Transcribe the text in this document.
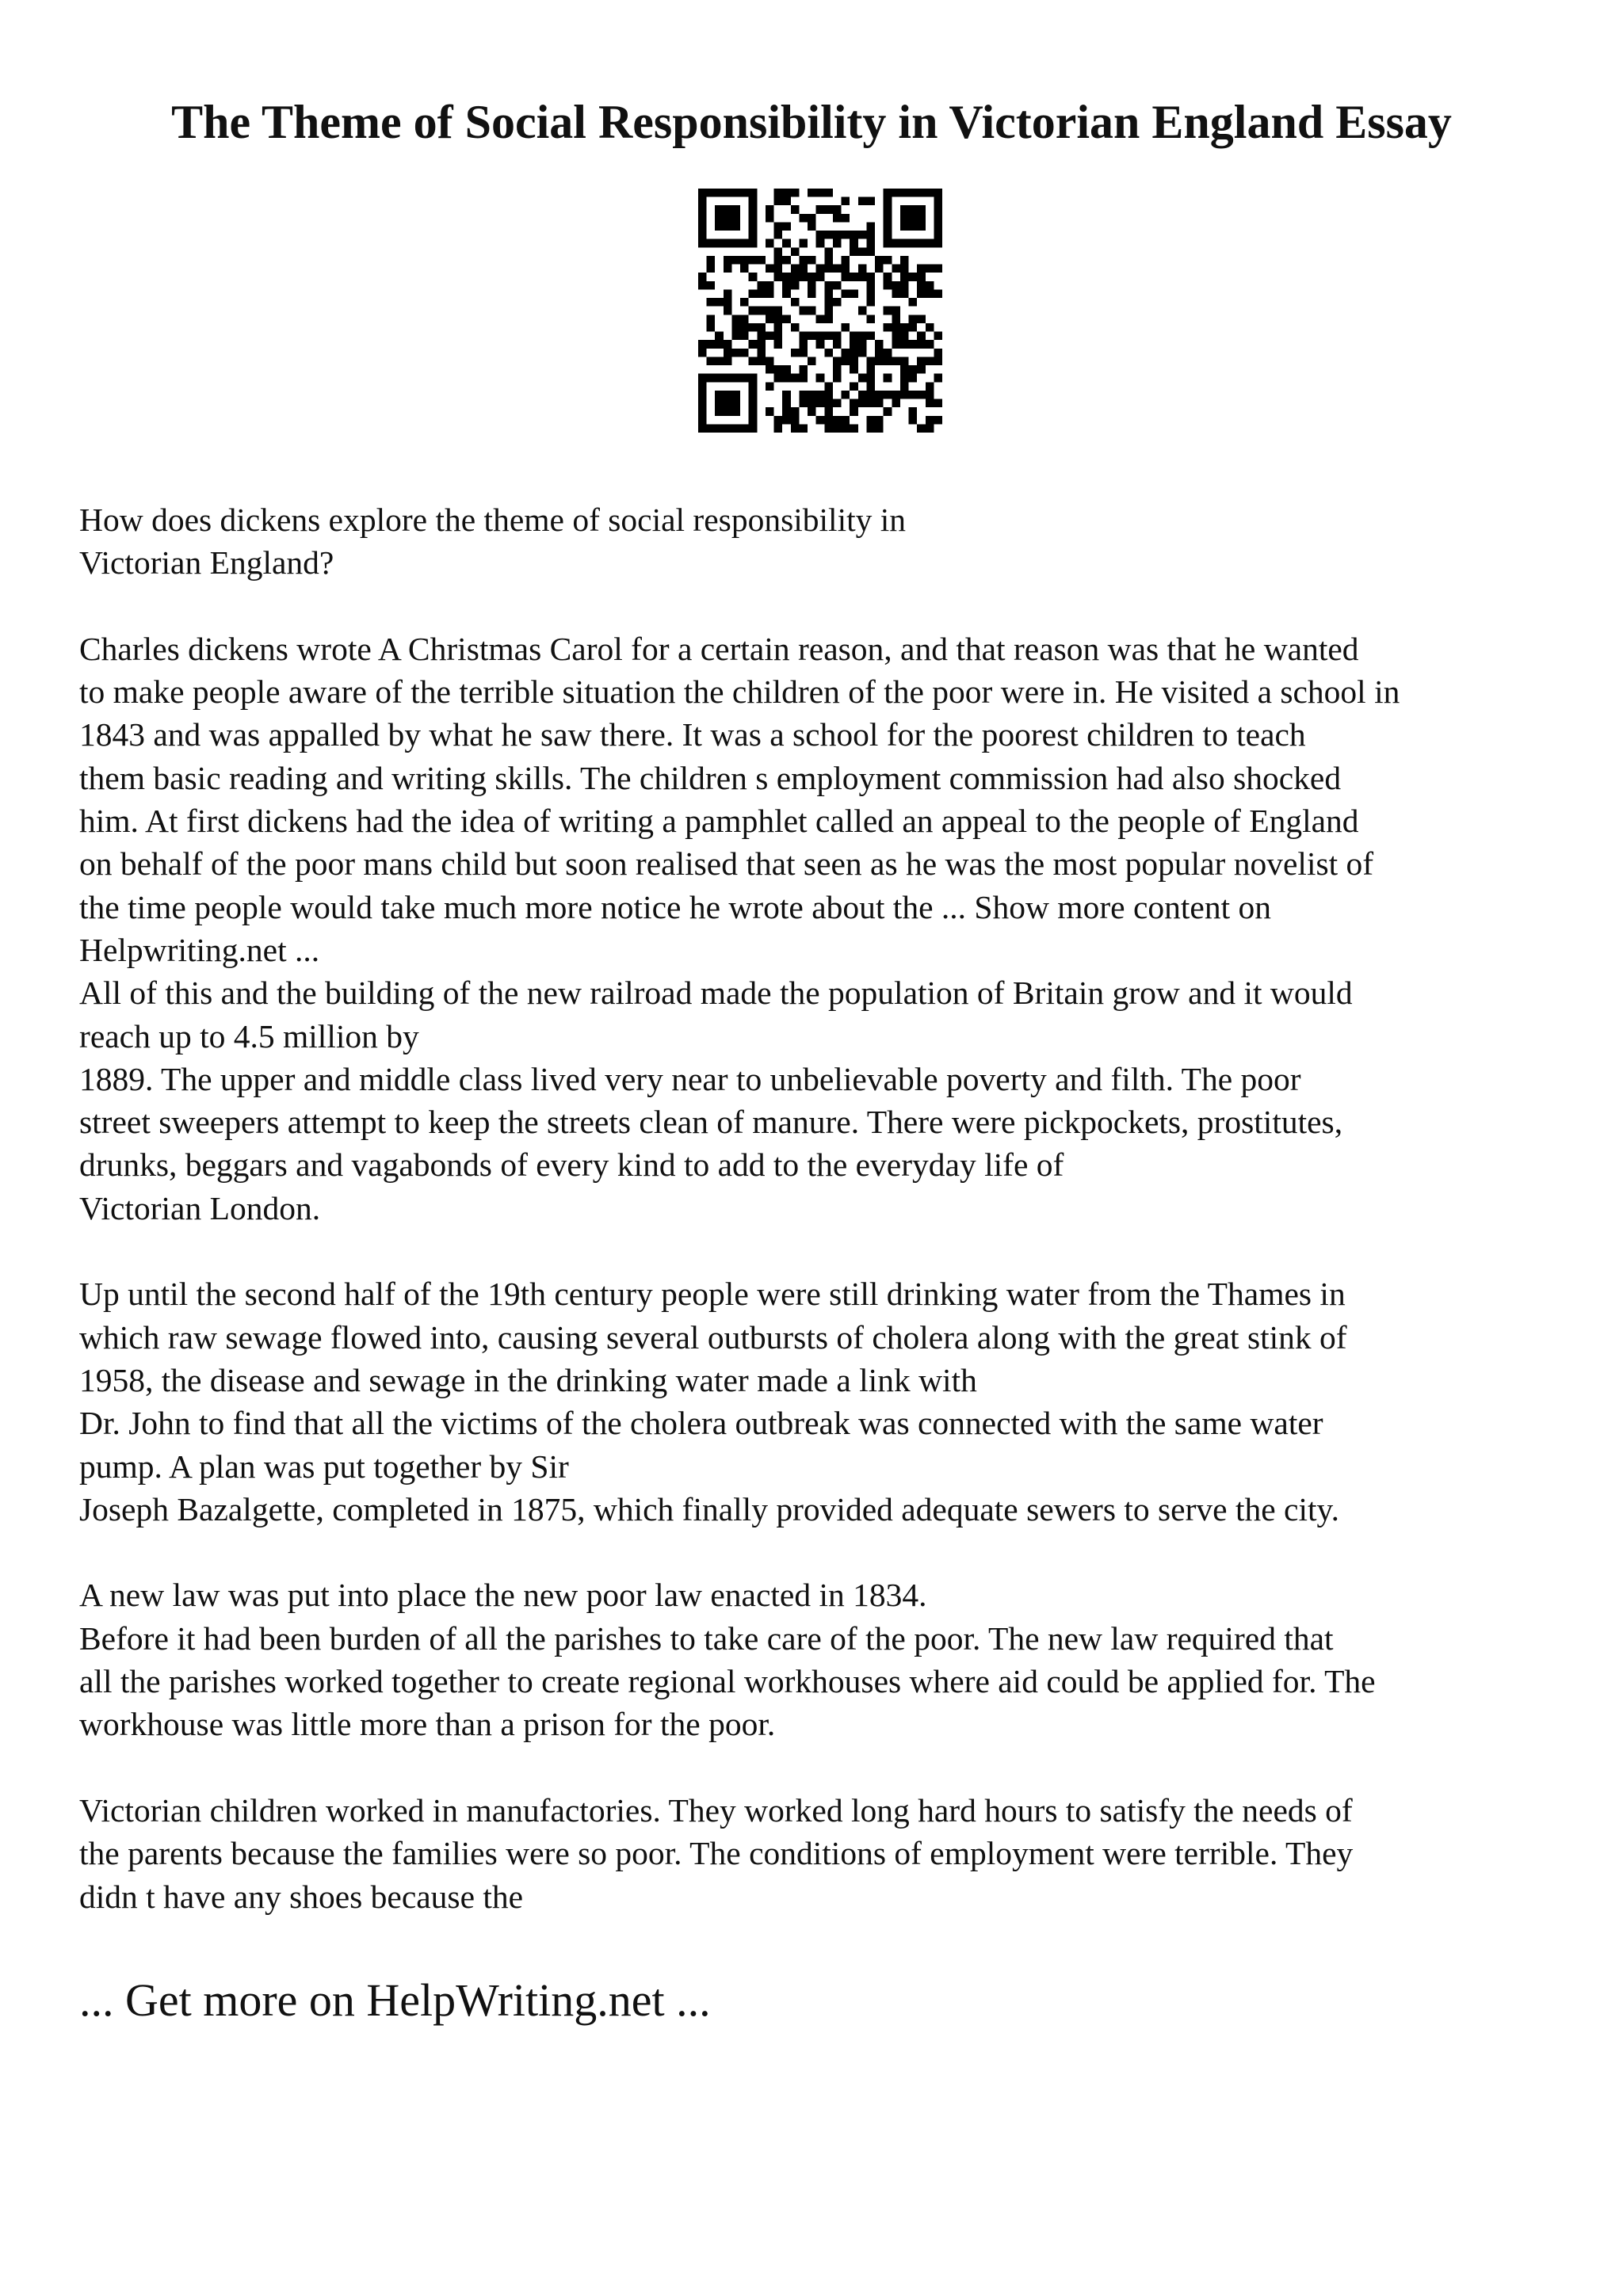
The Theme of Social Responsibility in Victorian England Essay
How does dickens explore the theme of social responsibility in
Victorian England?
Charles dickens wrote A Christmas Carol for a certain reason, and that reason was that he wanted
to make people aware of the terrible situation the children of the poor were in. He visited a school in
1843 and was appalled by what he saw there. It was a school for the poorest children to teach
them basic reading and writing skills. The children s employment commission had also shocked
him. At first dickens had the idea of writing a pamphlet called an appeal to the people of England
on behalf of the poor mans child but soon realised that seen as he was the most popular novelist of
the time people would take much more notice he wrote about the ... Show more content on
Helpwriting.net ...
All of this and the building of the new railroad made the population of Britain grow and it would
reach up to 4.5 million by
1889. The upper and middle class lived very near to unbelievable poverty and filth. The poor
street sweepers attempt to keep the streets clean of manure. There were pickpockets, prostitutes,
drunks, beggars and vagabonds of every kind to add to the everyday life of
Victorian London.
Up until the second half of the 19th century people were still drinking water from the Thames in
which raw sewage flowed into, causing several outbursts of cholera along with the great stink of
1958, the disease and sewage in the drinking water made a link with
Dr. John to find that all the victims of the cholera outbreak was connected with the same water
pump. A plan was put together by Sir
Joseph Bazalgette, completed in 1875, which finally provided adequate sewers to serve the city.
A new law was put into place the new poor law enacted in 1834.
Before it had been burden of all the parishes to take care of the poor. The new law required that
all the parishes worked together to create regional workhouses where aid could be applied for. The
workhouse was little more than a prison for the poor.
Victorian children worked in manufactories. They worked long hard hours to satisfy the needs of
the parents because the families were so poor. The conditions of employment were terrible. They
didn t have any shoes because the
... Get more on HelpWriting.net ...
